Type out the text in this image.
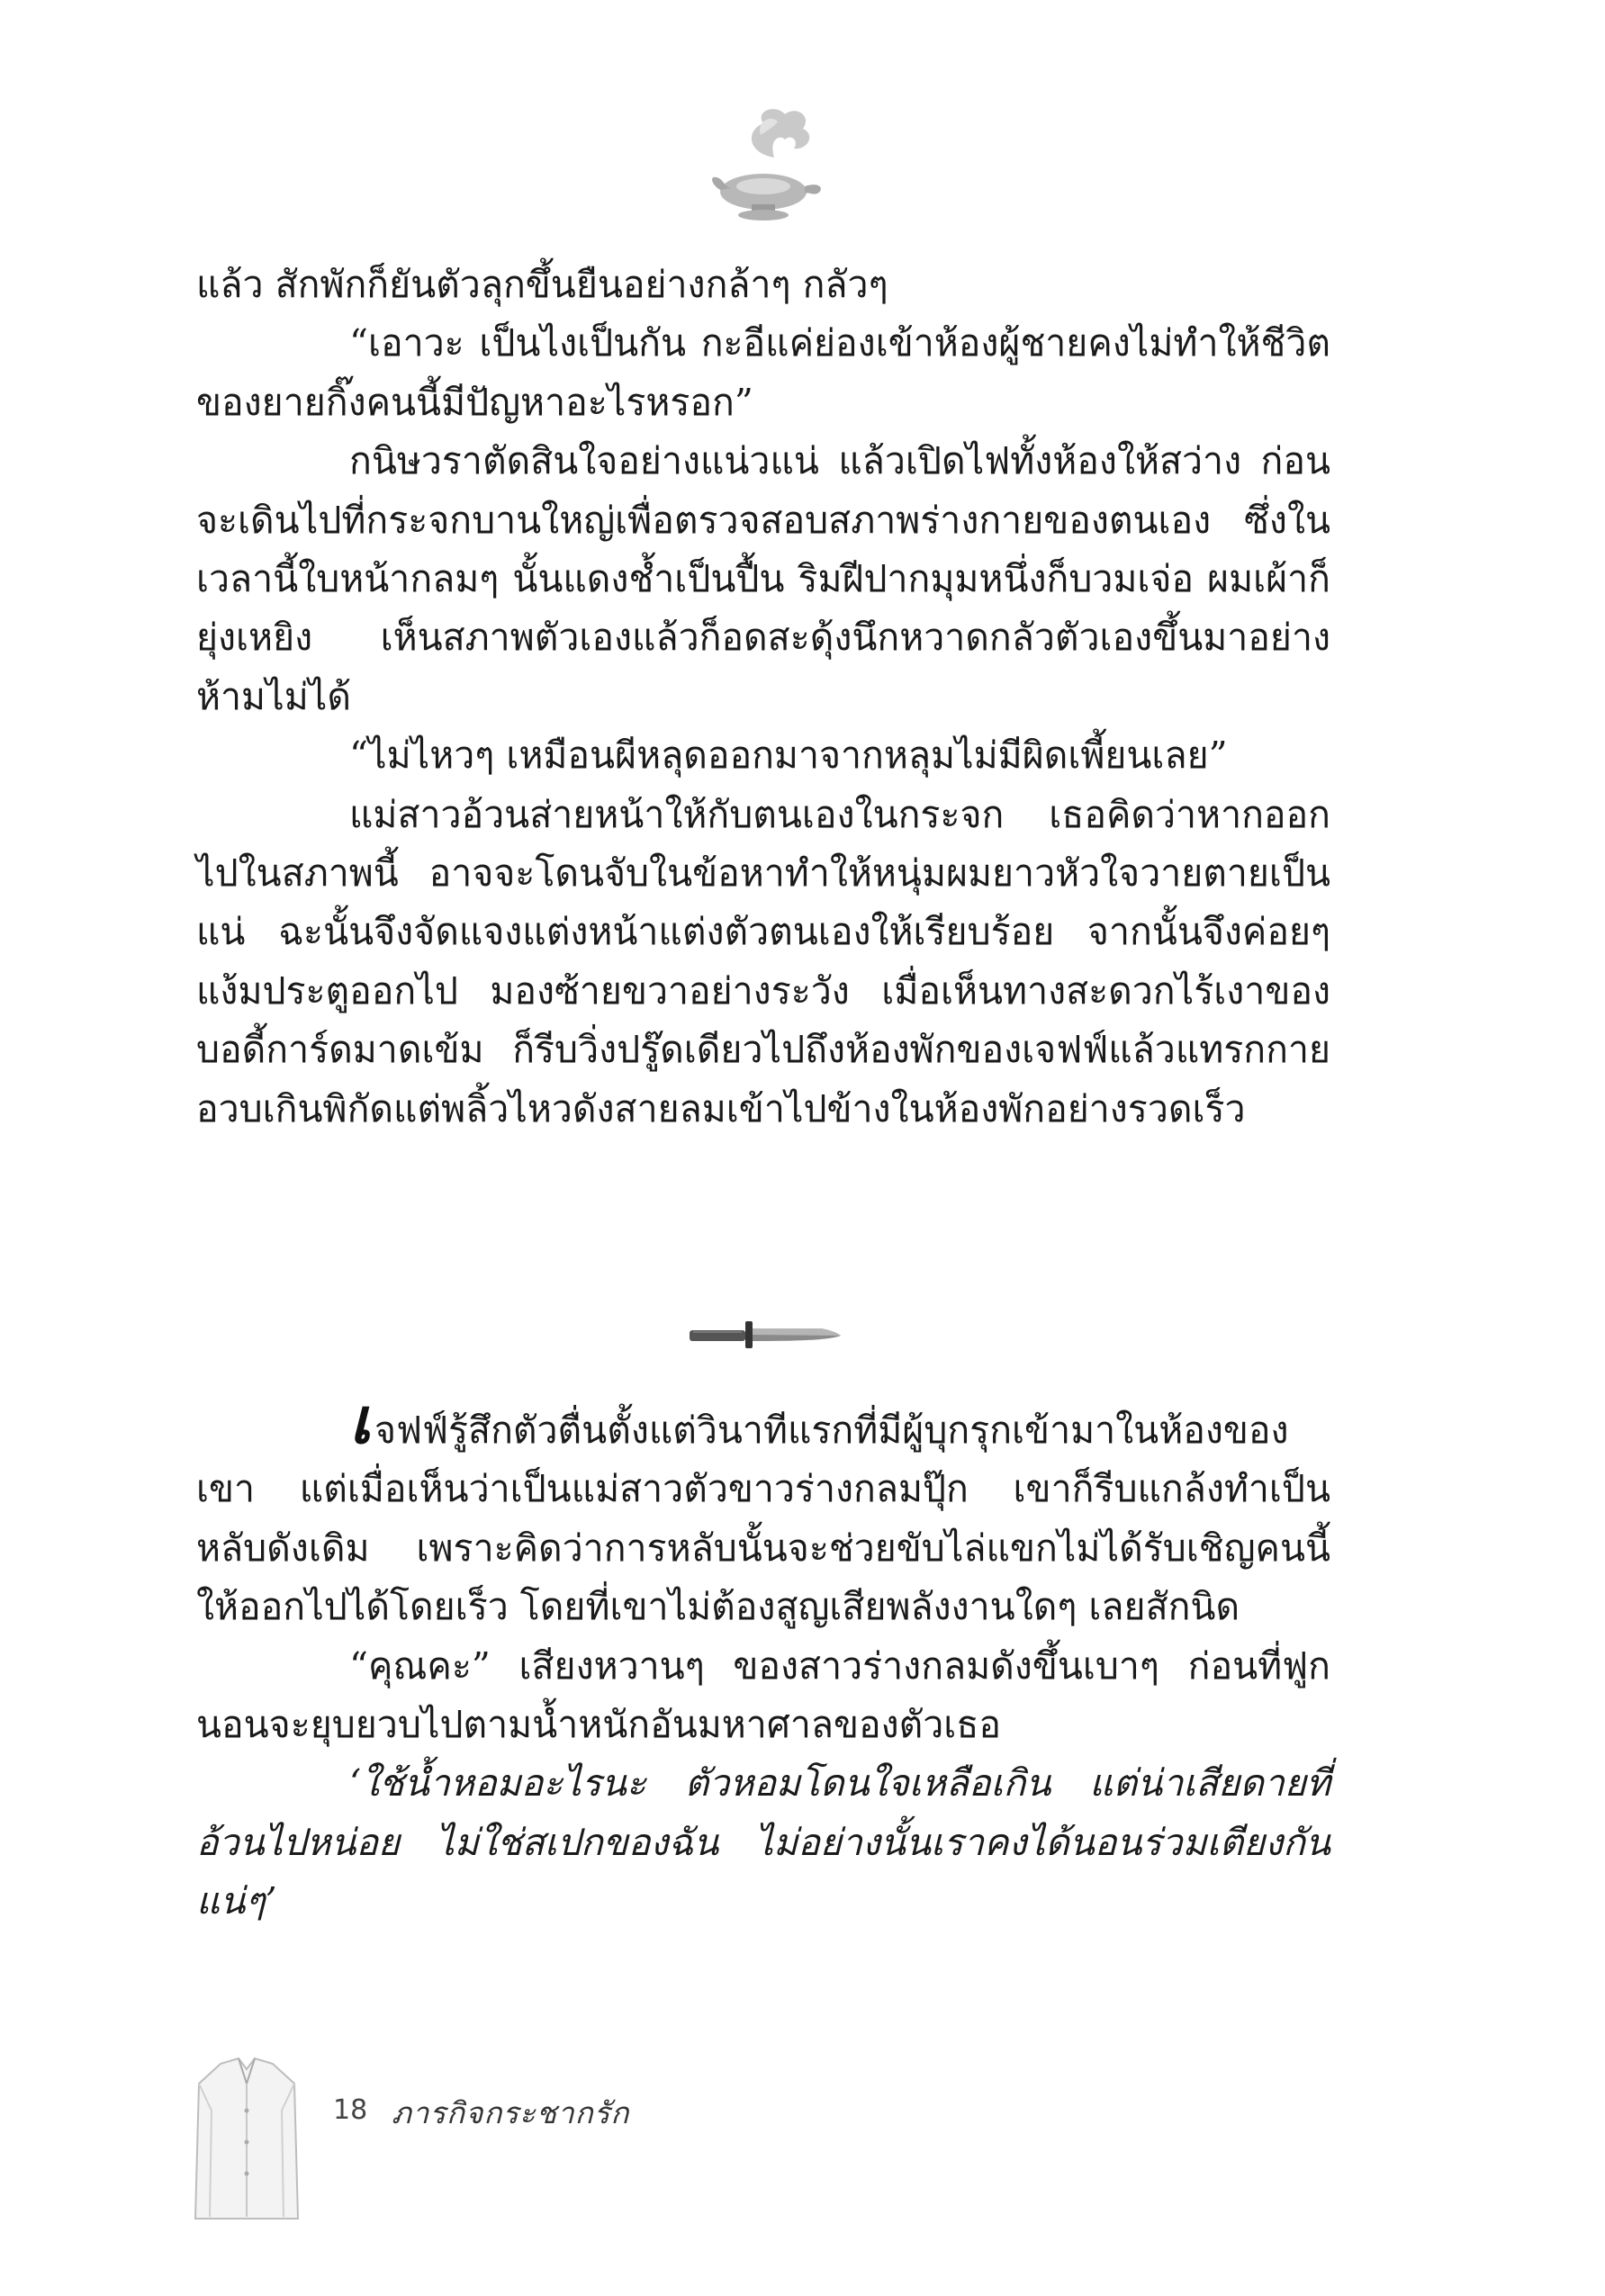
แล้ว สักพักก็ยันตัวลุกขึ้นยืนอย่างกล้าๆ กลัวๆ

“เอาวะ เป็นไงเป็นกัน กะอีแค่ย่องเข้าห้องผู้ชายคงไม่ทำให้ชีวิตของยายกิ๊งคนนี้มีปัญหาอะไรหรอก”

กนิษวราตัดสินใจอย่างแน่วแน่ แล้วเปิดไฟทั้งห้องให้สว่าง ก่อนจะเดินไปที่กระจกบานใหญ่เพื่อตรวจสอบสภาพร่างกายของตนเอง ซึ่งในเวลานี้ใบหน้ากลมๆ นั้นแดงช้ำเป็นปื้น ริมฝีปากมุมหนึ่งก็บวมเจ่อ ผมเผ้าก็ยุ่งเหยิง เห็นสภาพตัวเองแล้วก็อดสะดุ้งนึกหวาดกลัวตัวเองขึ้นมาอย่างห้ามไม่ได้

“ไม่ไหวๆ เหมือนผีหลุดออกมาจากหลุมไม่มีผิดเพี้ยนเลย”

แม่สาวอ้วนส่ายหน้าให้กับตนเองในกระจก เธอคิดว่าหากออกไปในสภาพนี้ อาจจะโดนจับในข้อหาทำให้หนุ่มผมยาวหัวใจวายตายเป็นแน่ ฉะนั้นจึงจัดแจงแต่งหน้าแต่งตัวตนเองให้เรียบร้อย จากนั้นจึงค่อยๆ แง้มประตูออกไป มองซ้ายขวาอย่างระวัง เมื่อเห็นทางสะดวกไร้เงาของบอดี้การ์ดมาดเข้ม ก็รีบวิ่งปรู๊ดเดียวไปถึงห้องพักของเจฟฟ์แล้วแทรกกายอวบเกินพิกัดแต่พลิ้วไหวดังสายลมเข้าไปข้างในห้องพักอย่างรวดเร็ว

เจฟฟ์รู้สึกตัวตื่นตั้งแต่วินาทีแรกที่มีผู้บุกรุกเข้ามาในห้องของเขา แต่เมื่อเห็นว่าเป็นแม่สาวตัวขาวร่างกลมปุ๊ก เขาก็รีบแกล้งทำเป็นหลับดังเดิม เพราะคิดว่าการหลับนั้นจะช่วยขับไล่แขกไม่ได้รับเชิญคนนี้ให้ออกไปได้โดยเร็ว โดยที่เขาไม่ต้องสูญเสียพลังงานใดๆ เลยสักนิด

“คุณคะ” เสียงหวานๆ ของสาวร่างกลมดังขึ้นเบาๆ ก่อนที่ฟูกนอนจะยุบยวบไปตามน้ำหนักอันมหาศาลของตัวเธอ

‘ใช้น้ำหอมอะไรนะ ตัวหอมโดนใจเหลือเกิน แต่น่าเสียดายที่อ้วนไปหน่อย ไม่ใช่สเปกของฉัน ไม่อย่างนั้นเราคงได้นอนร่วมเตียงกันแน่ๆ’

18 ภารกิจกระชากรัก
